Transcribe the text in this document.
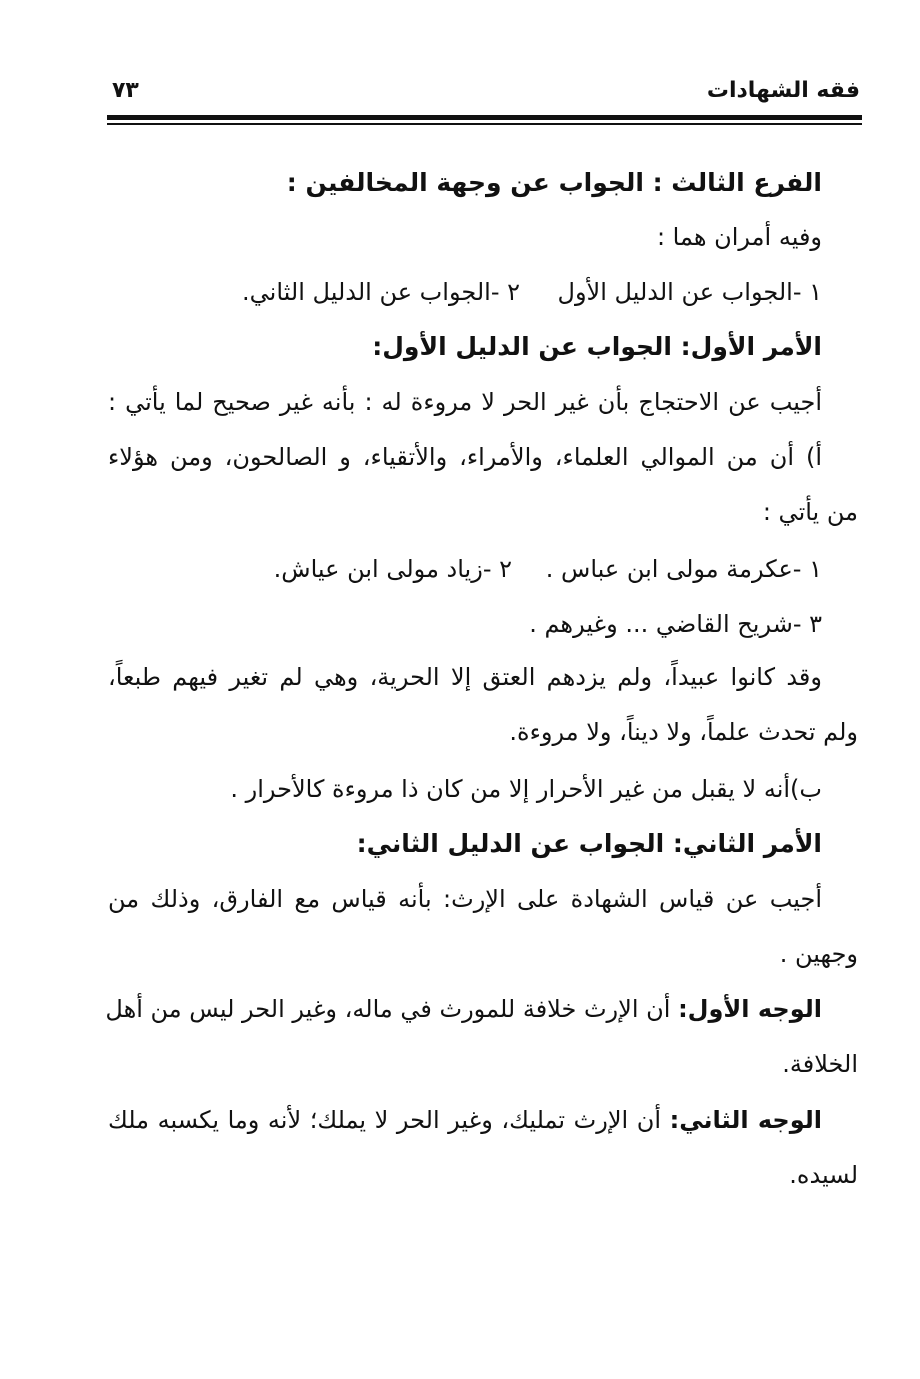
فقه الشهادات
٧٣
الفرع الثالث : الجواب عن وجهة المخالفين :
وفيه أمران هما :
١ -الجواب عن الدليل الأول
٢ -الجواب عن الدليل الثاني.
الأمر الأول: الجواب عن الدليل الأول:
أجيب عن الاحتجاج بأن غير الحر لا مروءة له : بأنه غير صحيح لما يأتي :
أ) أن من الموالي العلماء، والأمراء، والأتقياء، و الصالحون، ومن هؤلاء
من يأتي :
١ -عكرمة مولى ابن عباس .
٢ -زياد مولى ابن عياش.
٣ -شريح القاضي ... وغيرهم .
وقد كانوا عبيداً، ولم يزدهم العتق إلا الحرية، وهي لم تغير فيهم طبعاً،
ولم تحدث علماً، ولا ديناً، ولا مروءة.
ب)أنه لا يقبل من غير الأحرار إلا من كان ذا مروءة كالأحرار .
الأمر الثاني: الجواب عن الدليل الثاني:
أجيب عن قياس الشهادة على الإرث: بأنه قياس مع الفارق، وذلك من
وجهين .
الوجه الأول: أن الإرث خلافة للمورث في ماله، وغير الحر ليس من أهل
الخلافة.
الوجه الثاني: أن الإرث تمليك، وغير الحر لا يملك؛ لأنه وما يكسبه ملك
لسيده.
